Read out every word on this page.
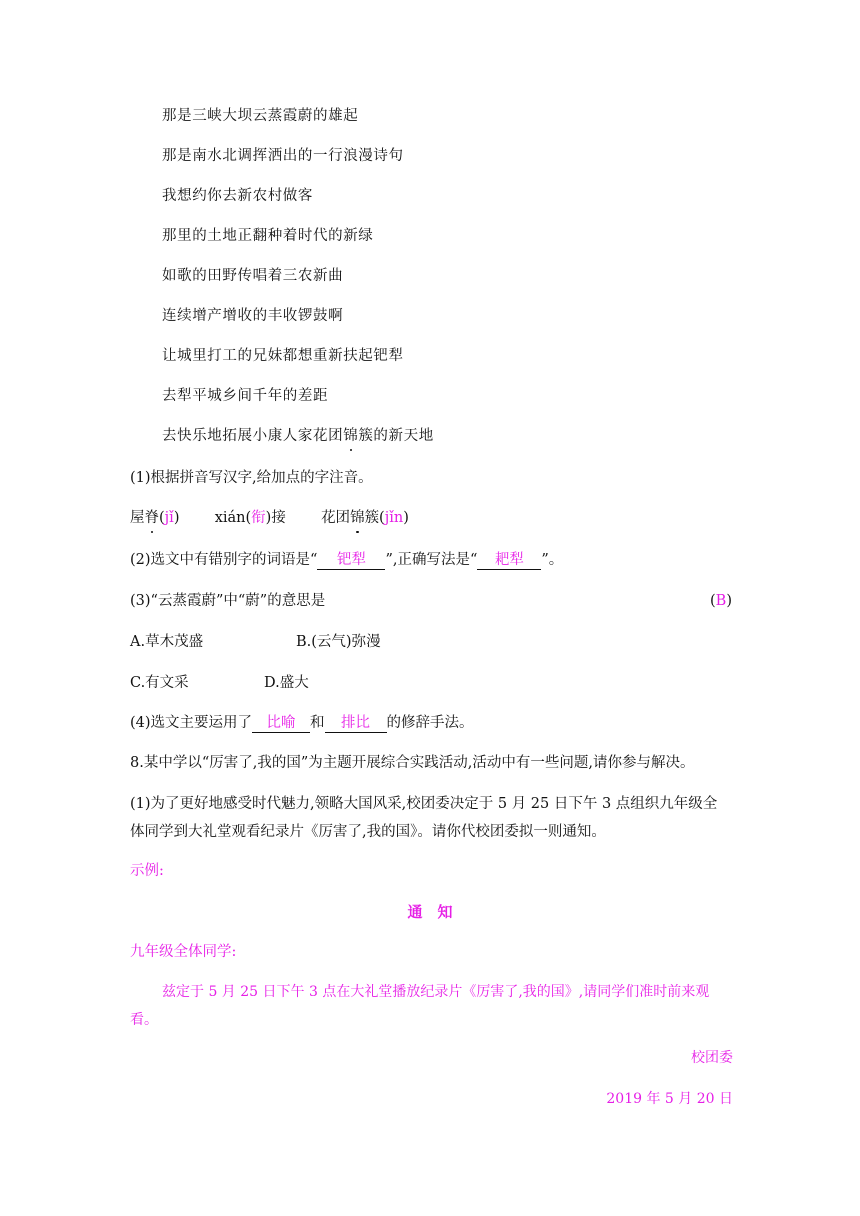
那是三峡大坝云蒸霞蔚的雄起
那是南水北调挥洒出的一行浪漫诗句
我想约你去新农村做客
那里的土地正翻种着时代的新绿
如歌的田野传唱着三农新曲
连续增产增收的丰收锣鼓啊
让城里打工的兄妹都想重新扶起钯犁
去犁平城乡间千年的差距
去快乐地拓展小康人家花团锦簇的新天地
(1)根据拼音写汉字,给加点的字注音。
屋脊(jǐ) xián(衔)接 花团锦簇(jǐn)
(2)选文中有错别字的词语是“ 钯犁 ”,正确写法是“ 耙犁 ”。
(3)“云蒸霞蔚”中“蔚”的意思是	(B)
A.草木茂盛	B.(云气)弥漫
C.有文采	D.盛大
(4)选文主要运用了 比喻 和 排比 的修辞手法。
8.某中学以“厉害了,我的国”为主题开展综合实践活动,活动中有一些问题,请你参与解决。
(1)为了更好地感受时代魅力,领略大国风采,校团委决定于 5 月 25 日下午 3 点组织九年级全
体同学到大礼堂观看纪录片《厉害了,我的国》。请你代校团委拟一则通知。
示例:
通　知
九年级全体同学:
兹定于 5 月 25 日下午 3 点在大礼堂播放纪录片《厉害了,我的国》,请同学们准时前来观
看。
校团委
2019 年 5 月 20 日
